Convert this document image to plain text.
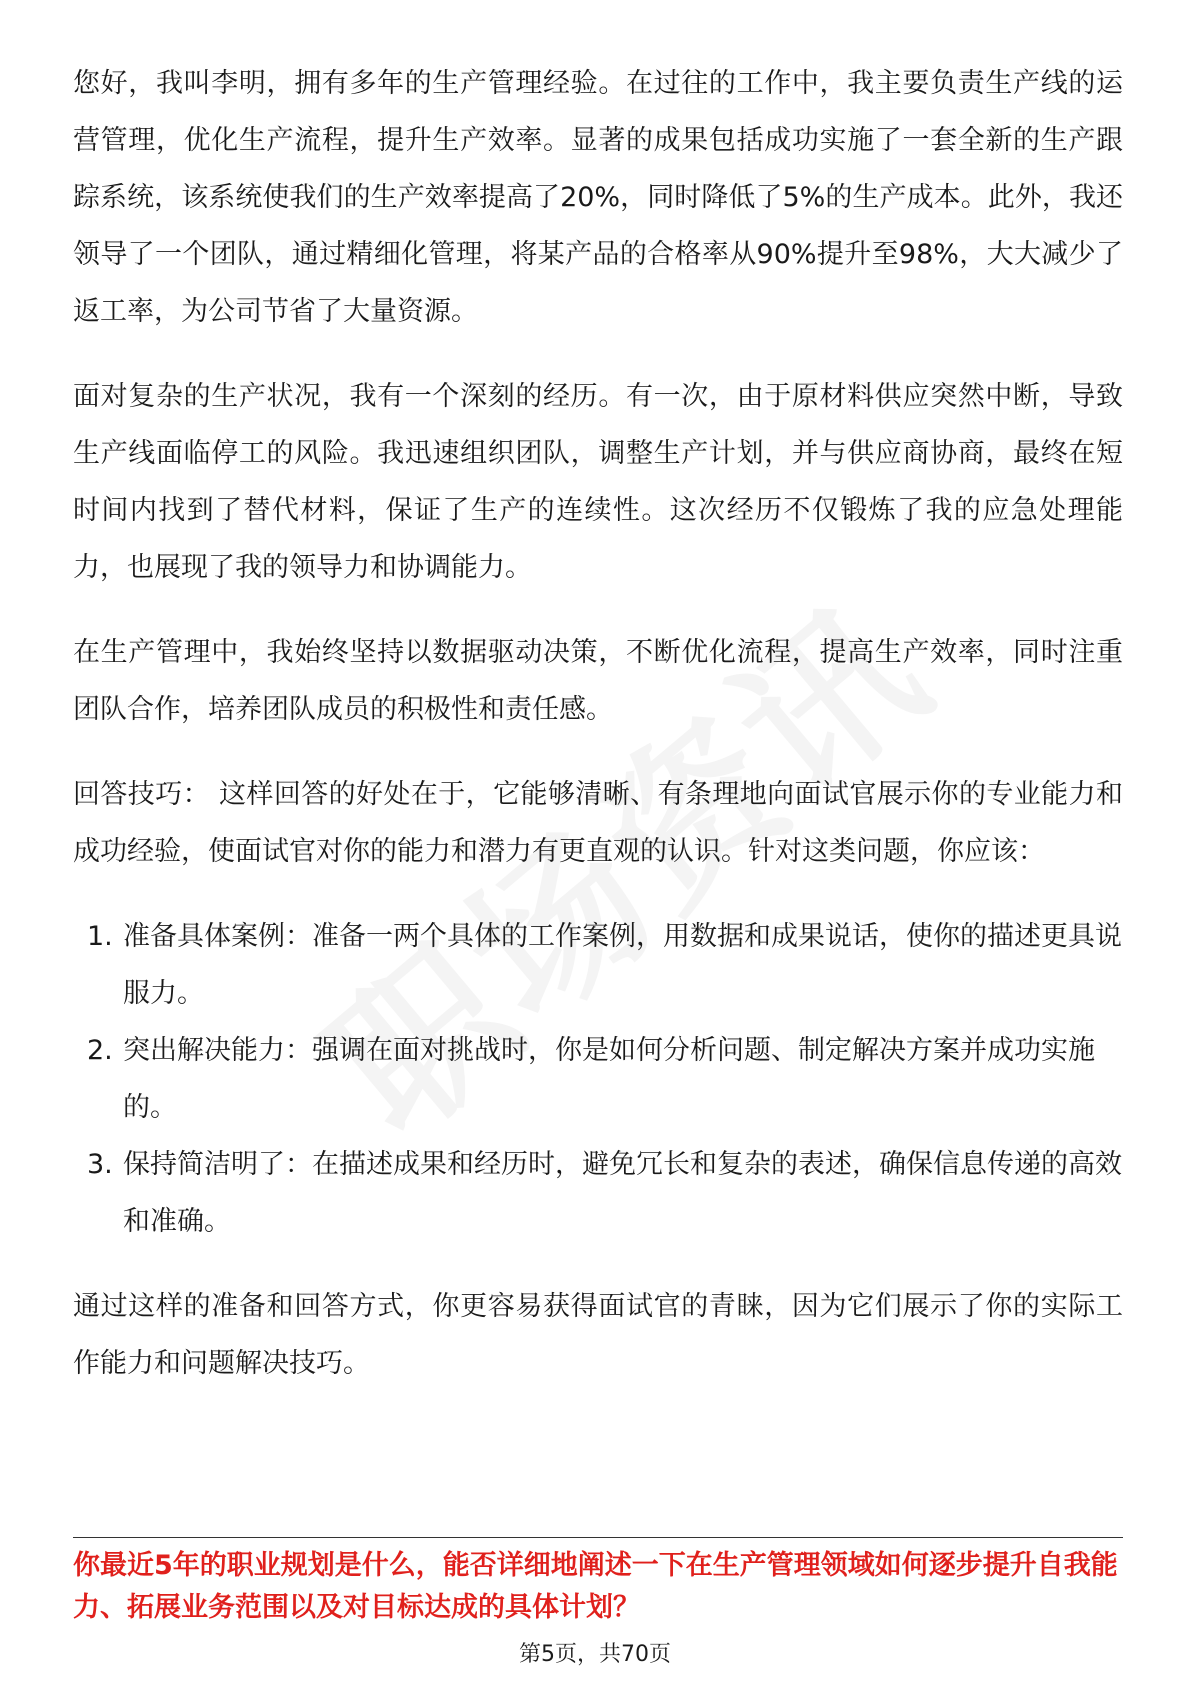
您好，我叫李明，拥有多年的生产管理经验。在过往的工作中，我主要负责生产线的运营管理，优化生产流程，提升生产效率。显著的成果包括成功实施了一套全新的生产跟踪系统，该系统使我们的生产效率提高了20%，同时降低了5%的生产成本。此外，我还领导了一个团队，通过精细化管理，将某产品的合格率从90%提升至98%，大大减少了返工率，为公司节省了大量资源。

面对复杂的生产状况，我有一个深刻的经历。有一次，由于原材料供应突然中断，导致生产线面临停工的风险。我迅速组织团队，调整生产计划，并与供应商协商，最终在短时间内找到了替代材料，保证了生产的连续性。这次经历不仅锻炼了我的应急处理能力，也展现了我的领导力和协调能力。

在生产管理中，我始终坚持以数据驱动决策，不断优化流程，提高生产效率，同时注重团队合作，培养团队成员的积极性和责任感。

回答技巧： 这样回答的好处在于，它能够清晰、有条理地向面试官展示你的专业能力和成功经验，使面试官对你的能力和潜力有更直观的认识。针对这类问题，你应该：

1. 准备具体案例：准备一两个具体的工作案例，用数据和成果说话，使你的描述更具说服力。
2. 突出解决能力：强调在面对挑战时，你是如何分析问题、制定解决方案并成功实施的。
3. 保持简洁明了：在描述成果和经历时，避免冗长和复杂的表述，确保信息传递的高效和准确。

通过这样的准备和回答方式，你更容易获得面试官的青睐，因为它们展示了你的实际工作能力和问题解决技巧。

你最近5年的职业规划是什么，能否详细地阐述一下在生产管理领域如何逐步提升自我能力、拓展业务范围以及对目标达成的具体计划？
第5页，共70页
